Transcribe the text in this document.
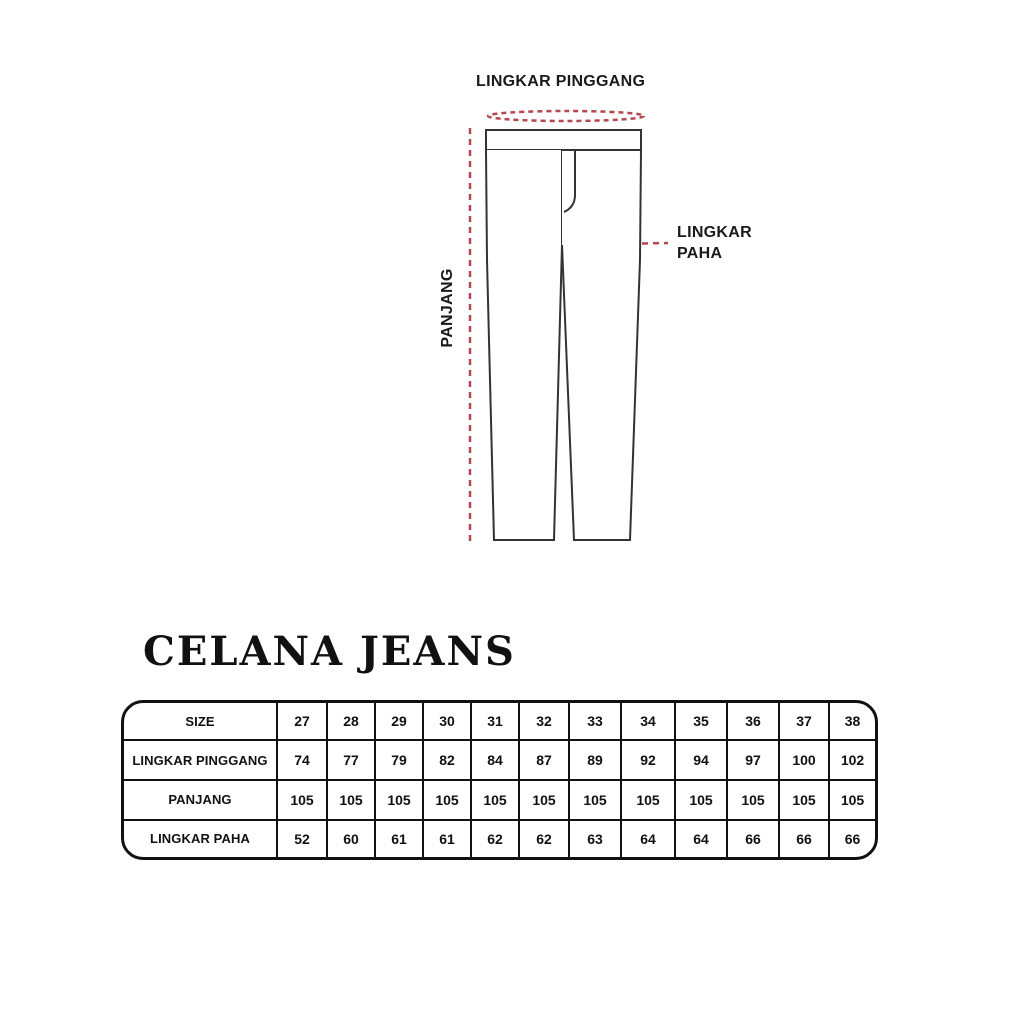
LINGKAR PINGGANG
LINGKAR PAHA
PANJANG
CELANA JEANS
SIZE	27	28	29	30	31	32	33	34	35	36	37	38
LINGKAR PINGGANG	74	77	79	82	84	87	89	92	94	97	100	102
PANJANG	105	105	105	105	105	105	105	105	105	105	105	105
LINGKAR PAHA	52	60	61	61	62	62	63	64	64	66	66	66
